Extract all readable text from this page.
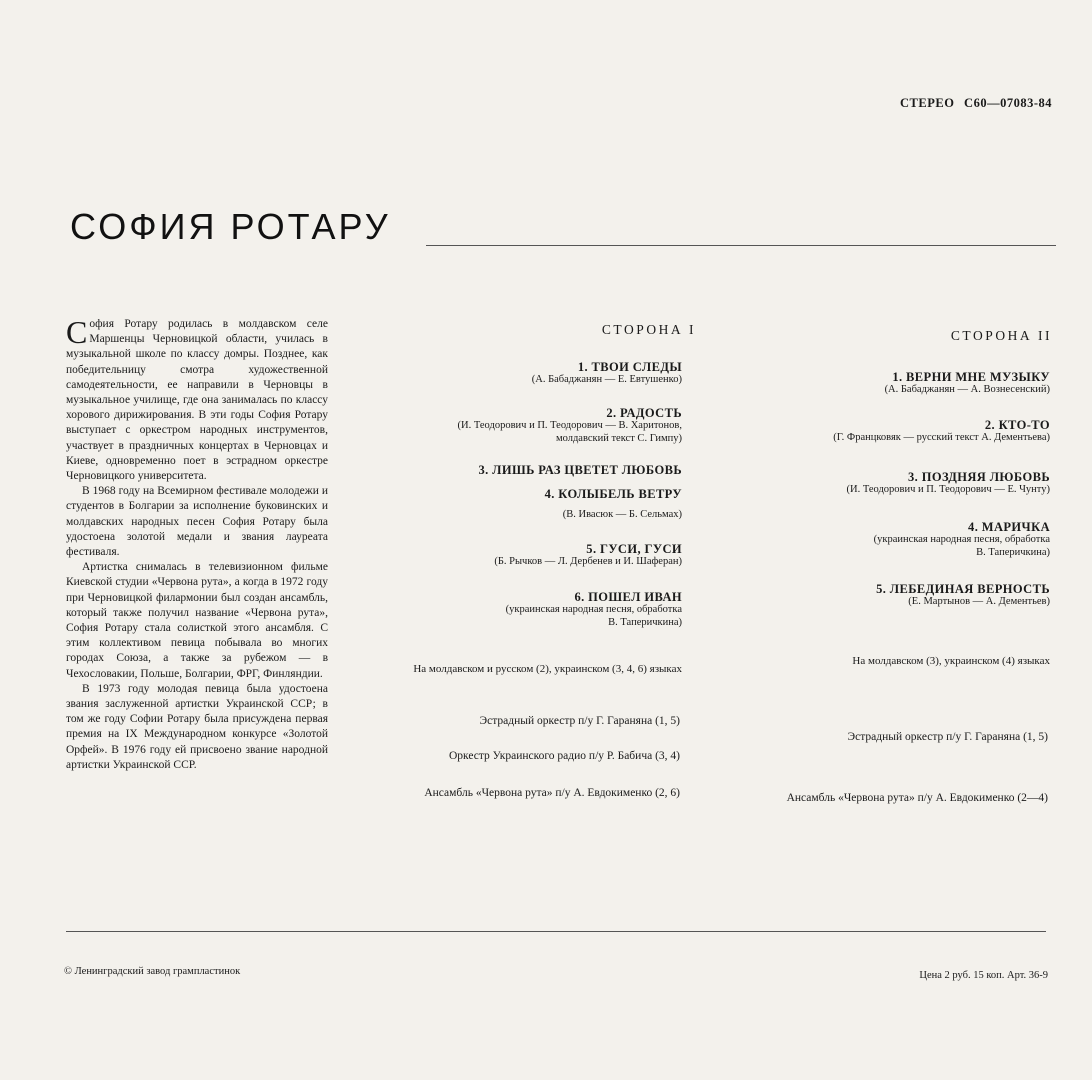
СТЕРЕО С60—07083-84
СОФИЯ РОТАРУ

София Ротару родилась в молдавском селе Маршенцы Черновицкой области, училась в музыкальной школе по классу домры. Позднее, как победительницу смотра художественной самодеятельности, ее направили в Черновцы в музыкальное училище, где она занималась по классу хорового дирижирования. В эти годы София Ротару выступает с оркестром народных инструментов, участвует в праздничных концертах в Черновцах и Киеве, одновременно поет в эстрадном оркестре Черновицкого университета.

В 1968 году на Всемирном фестивале молодежи и студентов в Болгарии за исполнение буковинских и молдавских народных песен София Ротару была удостоена золотой медали и звания лауреата фестиваля.

Артистка снималась в телевизионном фильме Киевской студии «Червона рута», а когда в 1972 году при Черновицкой филармонии был создан ансамбль, который также получил название «Червона рута», София Ротару стала солисткой этого ансамбля. С этим коллективом певица побывала во многих городах Союза, а также за рубежом — в Чехословакии, Польше, Болгарии, ФРГ, Финляндии.

В 1973 году молодая певица была удостоена звания заслуженной артистки Украинской ССР; в том же году Софии Ротару была присуждена первая премия на IX Международном конкурсе «Золотой Орфей». В 1976 году ей присвоено звание народной артистки Украинской ССР.

СТОРОНА I
1. ТВОИ СЛЕДЫ
(А. Бабаджанян — Е. Евтушенко)
2. РАДОСТЬ
(И. Теодорович и П. Теодорович — В. Харитонов,
молдавский текст С. Гимпу)
3. ЛИШЬ РАЗ ЦВЕТЕТ ЛЮБОВЬ
4. КОЛЫБЕЛЬ ВЕТРУ
(В. Ивасюк — Б. Сельмах)
5. ГУСИ, ГУСИ
(Б. Рычков — Л. Дербенев и И. Шаферан)
6. ПОШЕЛ ИВАН
(украинская народная песня, обработка
В. Таперичкина)
На молдавском и русском (2), украинском (3, 4, 6) языках
Эстрадный оркестр п/у Г. Гараняна (1, 5)
Оркестр Украинского радио п/у Р. Бабича (3, 4)
Ансамбль «Червона рута» п/у А. Евдокименко (2, 6)
СТОРОНА II
1. ВЕРНИ МНЕ МУЗЫКУ
(А. Бабаджанян — А. Вознесенский)
2. КТО-ТО
(Г. Францковяк — русский текст А. Дементьева)
3. ПОЗДНЯЯ ЛЮБОВЬ
(И. Теодорович и П. Теодорович — Е. Чунту)
4. МАРИЧКА
(украинская народная песня, обработка
В. Таперичкина)
5. ЛЕБЕДИНАЯ ВЕРНОСТЬ
(Е. Мартынов — А. Дементьев)
На молдавском (3), украинском (4) языках
Эстрадный оркестр п/у Г. Гараняна (1, 5)
Ансамбль «Червона рута» п/у А. Евдокименко (2—4)
© Ленинградский завод грампластинок	Цена 2 руб. 15 коп. Арт. 36-9
